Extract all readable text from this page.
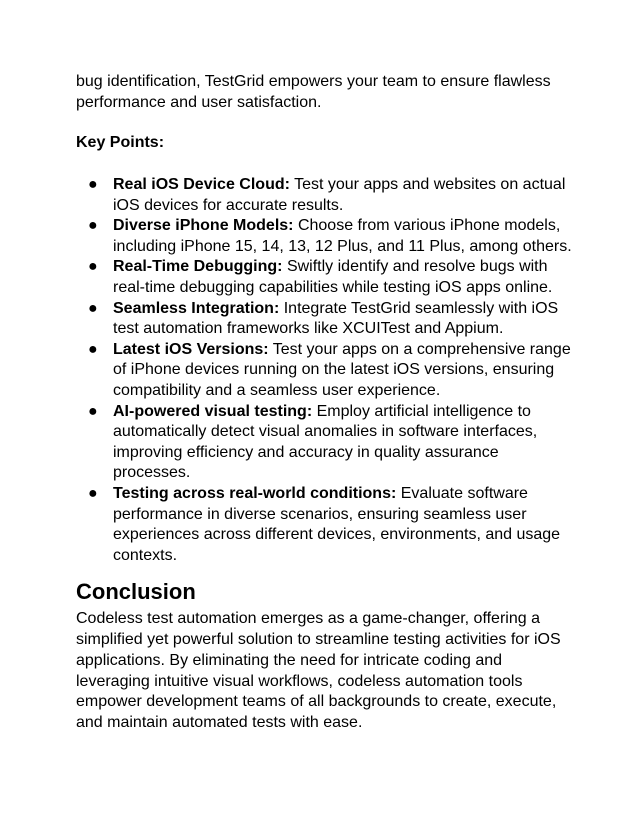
bug identification, TestGrid empowers your team to ensure flawless performance and user satisfaction.

Key Points:

● Real iOS Device Cloud: Test your apps and websites on actual iOS devices for accurate results.
● Diverse iPhone Models: Choose from various iPhone models, including iPhone 15, 14, 13, 12 Plus, and 11 Plus, among others.
● Real-Time Debugging: Swiftly identify and resolve bugs with real-time debugging capabilities while testing iOS apps online.
● Seamless Integration: Integrate TestGrid seamlessly with iOS test automation frameworks like XCUITest and Appium.
● Latest iOS Versions: Test your apps on a comprehensive range of iPhone devices running on the latest iOS versions, ensuring compatibility and a seamless user experience.
● AI-powered visual testing: Employ artificial intelligence to automatically detect visual anomalies in software interfaces, improving efficiency and accuracy in quality assurance processes.
● Testing across real-world conditions: Evaluate software performance in diverse scenarios, ensuring seamless user experiences across different devices, environments, and usage contexts.
Conclusion

Codeless test automation emerges as a game-changer, offering a simplified yet powerful solution to streamline testing activities for iOS applications. By eliminating the need for intricate coding and leveraging intuitive visual workflows, codeless automation tools empower development teams of all backgrounds to create, execute, and maintain automated tests with ease.
